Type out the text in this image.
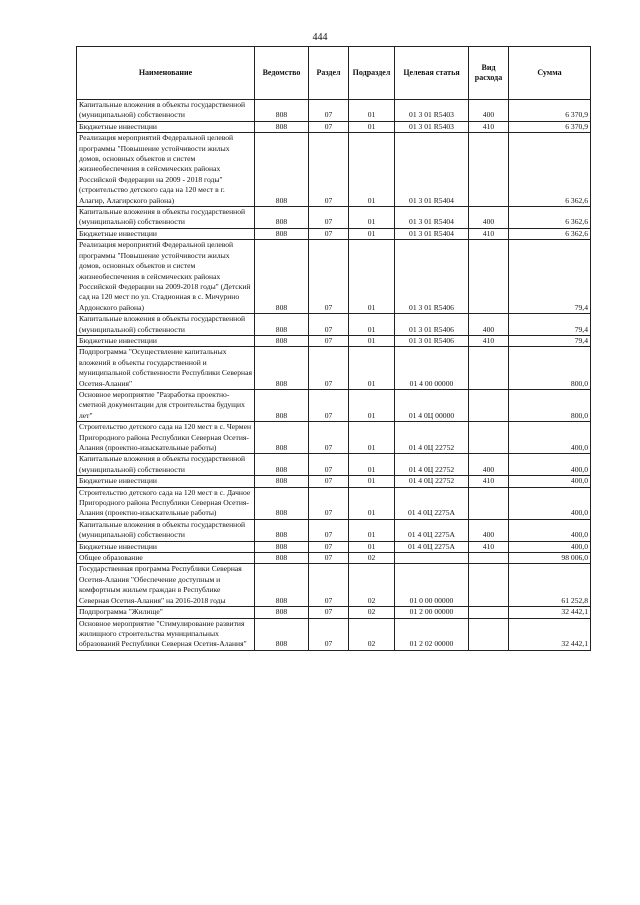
444
Наименование	Ведомство	Раздел	Подраздел	Целевая статья	Вид расхода	Сумма
Капитальные вложения в объекты государственной (муниципальной) собственности	808	07	01	01 3 01 R5403	400	6 370,9
Бюджетные инвестиции	808	07	01	01 3 01 R5403	410	6 370,9
Реализация мероприятий Федеральной целевой программы "Повышение устойчивости жилых домов, основных объектов и систем жизнеобеспечения в сейсмических районах Российской Федерации на 2009 - 2018 годы" (строительство детского сада на 120 мест в г. Алагир, Алагирского района)	808	07	01	01 3 01 R5404		6 362,6
Капитальные вложения в объекты государственной (муниципальной) собственности	808	07	01	01 3 01 R5404	400	6 362,6
Бюджетные инвестиции	808	07	01	01 3 01 R5404	410	6 362,6
Реализация мероприятий Федеральной целевой программы "Повышение устойчивости жилых домов, основных объектов и систем жизнеобеспечения в сейсмических районах Российской Федерации на 2009-2018 годы" (Детский сад на 120 мест по ул. Стадионная в с. Мичурино Ардонского района)	808	07	01	01 3 01 R5406		79,4
Капитальные вложения в объекты государственной (муниципальной) собственности	808	07	01	01 3 01 R5406	400	79,4
Бюджетные инвестиции	808	07	01	01 3 01 R5406	410	79,4
Подпрограмма "Осуществление капитальных вложений в объекты государственной и муниципальной собственности Республики Северная Осетия-Алания"	808	07	01	01 4 00 00000		800,0
Основное мероприятие "Разработка проектно-сметной документации для строительства будущих лет"	808	07	01	01 4 0Ц 00000		800,0
Строительство детского сада на 120 мест в с. Чермен Пригородного района Республики Северная Осетия-Алания (проектно-изыскательные работы)	808	07	01	01 4 0Ц 22752		400,0
Капитальные вложения в объекты государственной (муниципальной) собственности	808	07	01	01 4 0Ц 22752	400	400,0
Бюджетные инвестиции	808	07	01	01 4 0Ц 22752	410	400,0
Строительство детского сада на 120 мест в с. Дачное Пригородного района Республики Северная Осетия-Алания (проектно-изыскательные работы)	808	07	01	01 4 0Ц 2275А		400,0
Капитальные вложения в объекты государственной (муниципальной) собственности	808	07	01	01 4 0Ц 2275А	400	400,0
Бюджетные инвестиции	808	07	01	01 4 0Ц 2275А	410	400,0
Общее образование	808	07	02			98 006,0
Государственная программа Республики Северная Осетия-Алания "Обеспечение доступным и комфортным жильем граждан в Республике Северная Осетия-Алания" на 2016-2018 годы	808	07	02	01 0 00 00000		61 252,8
Подпрограмма "Жилище"	808	07	02	01 2 00 00000		32 442,1
Основное мероприятие "Стимулирование развития жилищного строительства муниципальных образований Республики Северная Осетия-Алания"	808	07	02	01 2 02 00000		32 442,1
